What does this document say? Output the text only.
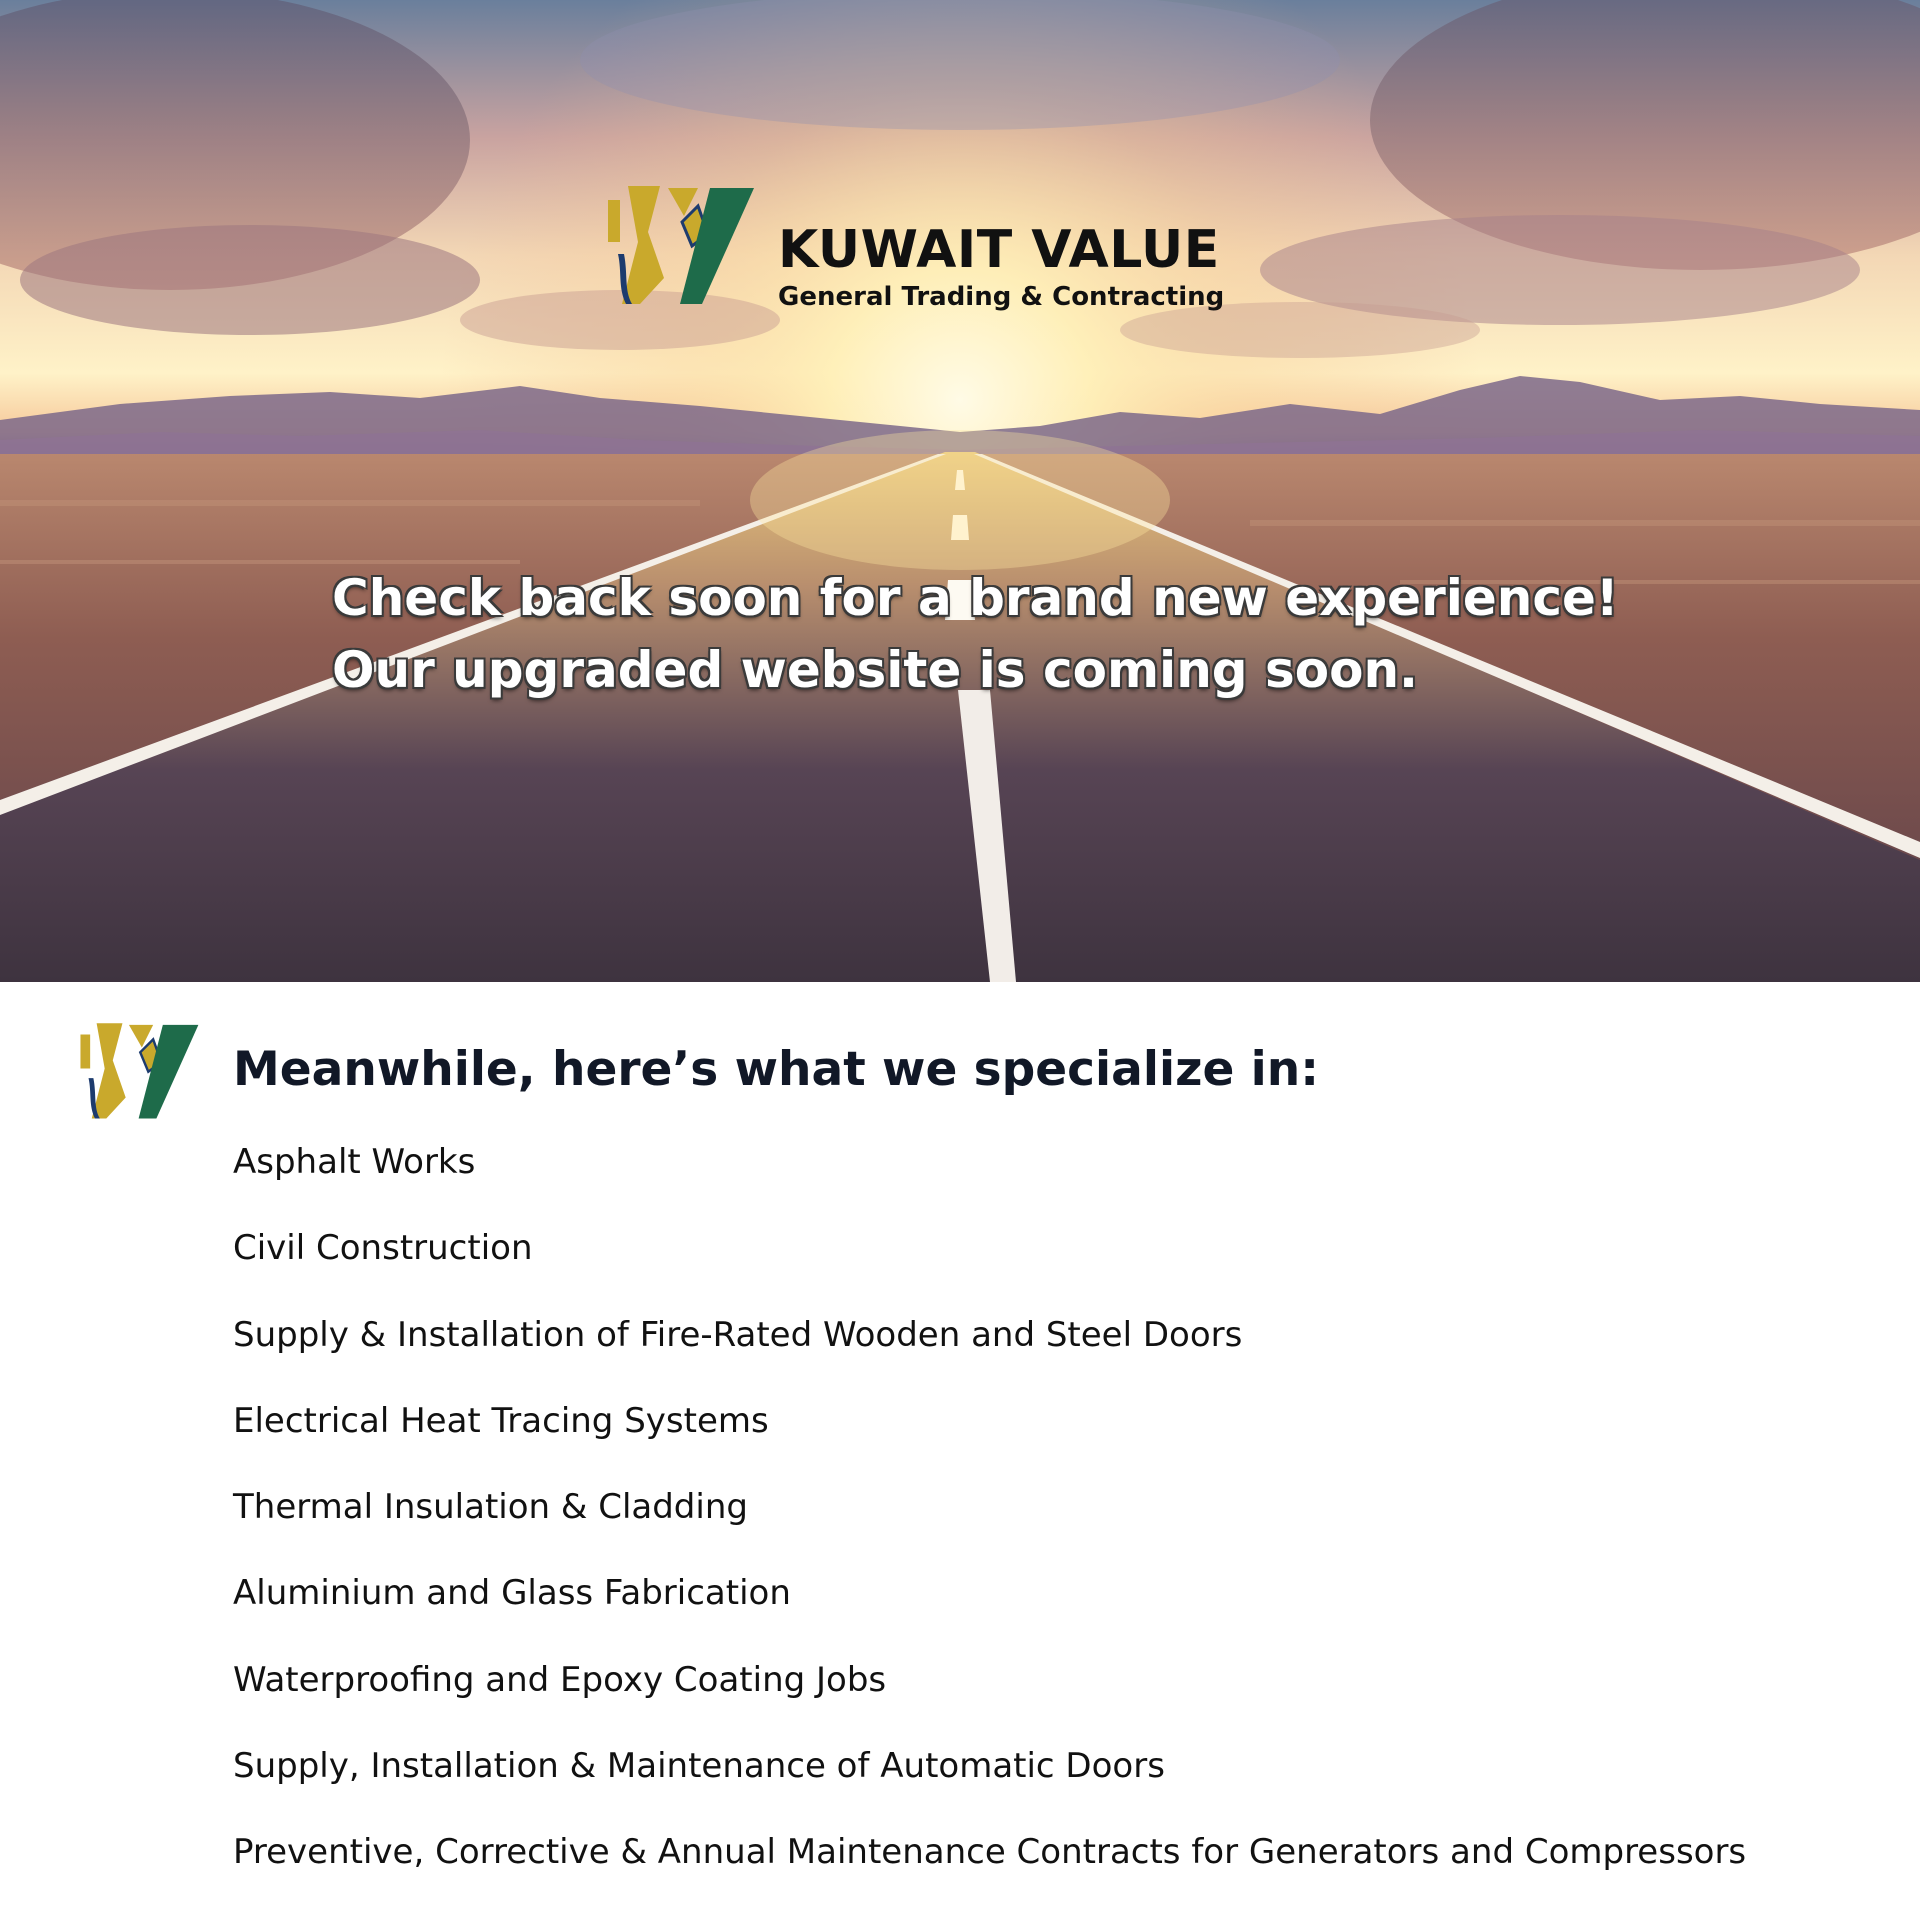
KUWAIT VALUE

General Trading & Contracting

Check back soon for a brand new experience!
Our upgraded website is coming soon.
Meanwhile, here’s what we specialize in:
Asphalt Works
Civil Construction
Supply & Installation of Fire-Rated Wooden and Steel Doors
Electrical Heat Tracing Systems
Thermal Insulation & Cladding
Aluminium and Glass Fabrication
Waterproofing and Epoxy Coating Jobs
Supply, Installation & Maintenance of Automatic Doors
Preventive, Corrective & Annual Maintenance Contracts for Generators and Compressors
